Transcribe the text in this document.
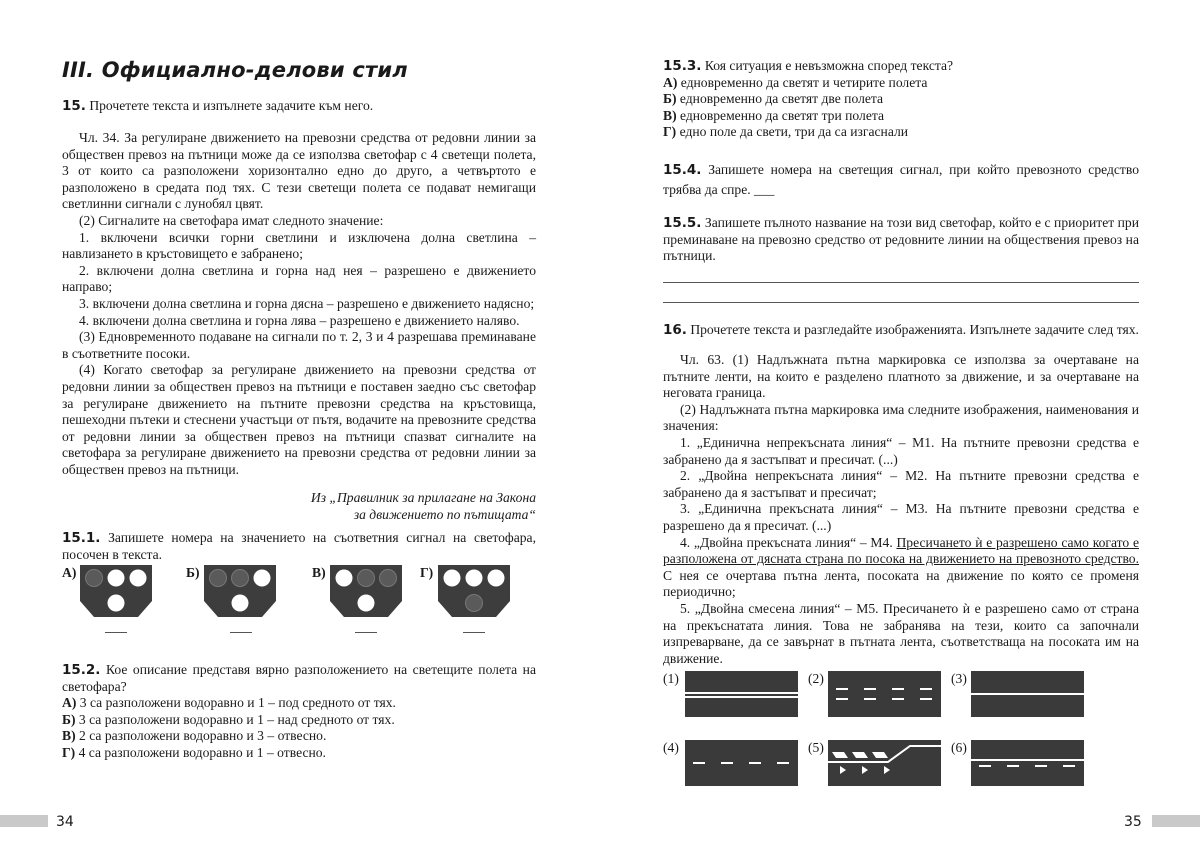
III. Официално-делови стил
15. Прочетете текста и изпълнете задачите към него.
Чл. 34. За регулиране движението на превозни средства от редовни линии за обществен превоз на пътници може да се използва светофар с 4 светещи полета, 3 от които са разположени хоризонтално едно до друго, а четвъртото е разположено в средата под тях. С тези светещи полета се подават немигащи светлинни сигнали с лунобял цвят.
(2) Сигналите на светофара имат следното значение:
1. включени всички горни светлини и изключена долна светлина – навлизането в кръстовището е забранено;
2. включени долна светлина и горна над нея – разрешено е движението направо;
3. включени долна светлина и горна дясна – разрешено е движението надясно;
4. включени долна светлина и горна лява – разрешено е движението наляво.
(3) Едновременното подаване на сигнали по т. 2, 3 и 4 разрешава преминаване в съответните посоки.
(4) Когато светофар за регулиране движението на превозни средства от редовни линии за обществен превоз на пътници е поставен заедно със светофар за регулиране движението на пътните превозни средства на кръстовища, пешеходни пътеки и стеснени участъци от пътя, водачите на превозните средства от редовни линии за обществен превоз на пътници спазват сигналите на светофара за регулиране движението на превозни средства от редовни линии за обществен превоз на пътници.
Из „Правилник за прилагане на Закона
за движението по пътищата“
15.1. Запишете номера на значението на съответния сигнал на светофара, посочен в текста.
А)	Б)	В)	Г)
15.2. Кое описание представя вярно разположението на светещите полета на светофара?
А) 3 са разположени водоравно и 1 – под средното от тях.
Б) 3 са разположени водоравно и 1 – над средното от тях.
В) 2 са разположени водоравно и 3 – отвесно.
Г) 4 са разположени водоравно и 1 – отвесно.
34
15.3. Коя ситуация е невъзможна според текста?
А) едновременно да светят и четирите полета
Б) едновременно да светят две полета
В) едновременно да светят три полета
Г) едно поле да свети, три да са изгаснали
15.4. Запишете номера на светещия сигнал, при който превозното средство трябва да спре. ___
15.5. Запишете пълното название на този вид светофар, който е с приоритет при преминаване на превозно средство от редовните линии на обществения превоз на пътници.
16. Прочетете текста и разгледайте изображенията. Изпълнете задачите след тях.
Чл. 63. (1) Надлъжната пътна маркировка се използва за очертаване на пътните ленти, на които е разделено платното за движение, и за очертаване на неговата граница.
(2) Надлъжната пътна маркировка има следните изображения, наименования и значения:
1. „Единична непрекъсната линия“ – M1. На пътните превозни средства е забранено да я застъпват и пресичат. (...)
2. „Двойна непрекъсната линия“ – M2. На пътните превозни средства е забранено да я застъпват и пресичат;
3. „Единична прекъсната линия“ – M3. На пътните превозни средства е разрешено да я пресичат. (...)
4. „Двойна прекъсната линия“ – M4. Пресичането ѝ е разрешено само когато е разположена от дясната страна по посока на движението на превозното средство. С нея се очертава пътна лента, посоката на движение по която се променя периодично;
5. „Двойна смесена линия“ – M5. Пресичането ѝ е разрешено само от страна на прекъснатата линия. Това не забранява на тези, които са започнали изпреварване, да се завърнат в пътната лента, съответстваща на посоката им на движение.
(1)	(2)	(3)
(4)	(5)	(6)
35
